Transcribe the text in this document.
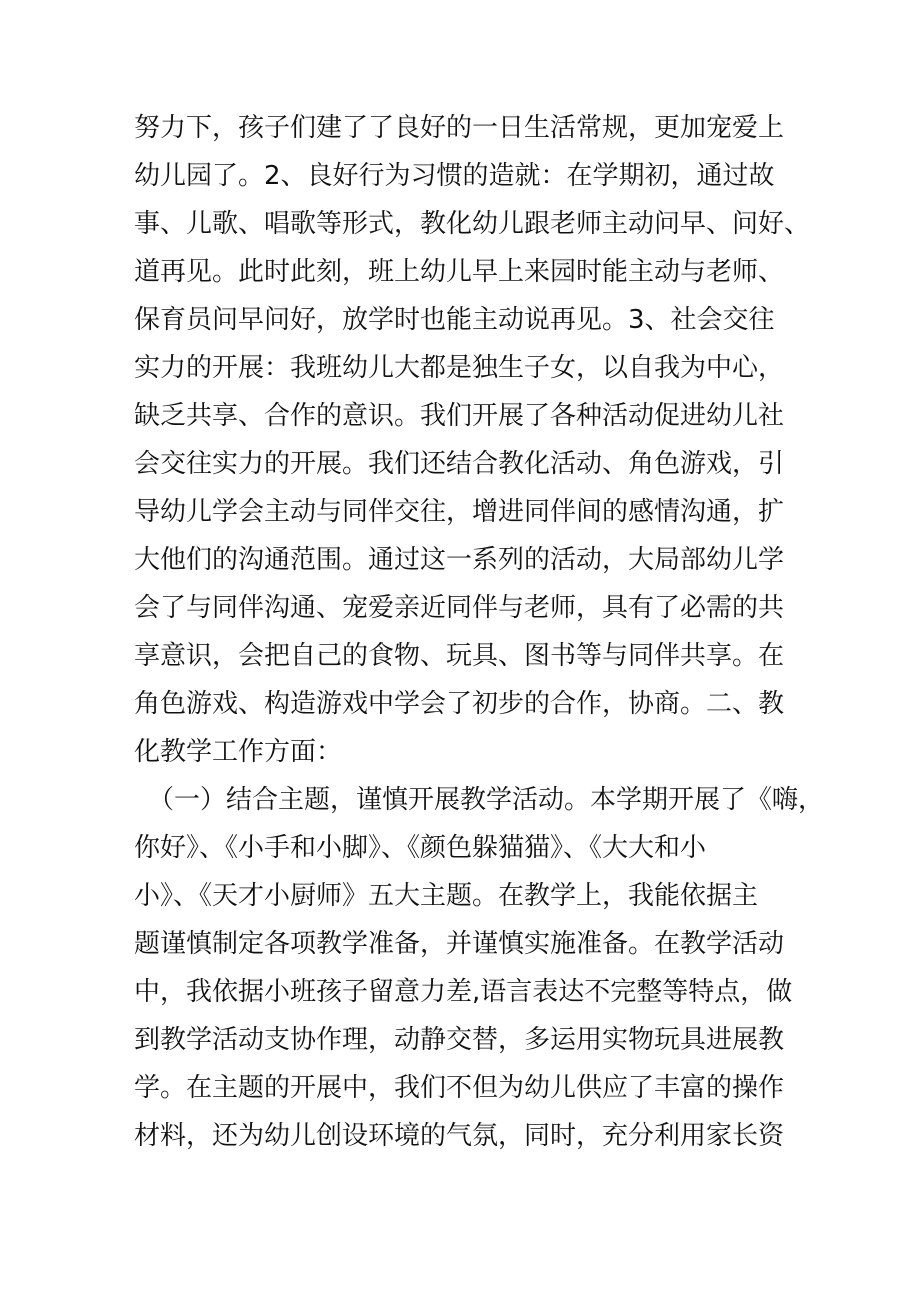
努力下，孩子们建了了良好的一日生活常规，更加宠爱上
幼儿园了。2、良好行为习惯的造就：在学期初，通过故
事、儿歌、唱歌等形式，教化幼儿跟老师主动问早、问好、
道再见。此时此刻，班上幼儿早上来园时能主动与老师、
保育员问早问好，放学时也能主动说再见。3、社会交往
实力的开展：我班幼儿大都是独生子女，以自我为中心，
缺乏共享、合作的意识。我们开展了各种活动促进幼儿社
会交往实力的开展。我们还结合教化活动、角色游戏，引
导幼儿学会主动与同伴交往，增进同伴间的感情沟通，扩
大他们的沟通范围。通过这一系列的活动，大局部幼儿学
会了与同伴沟通、宠爱亲近同伴与老师，具有了必需的共
享意识，会把自己的食物、玩具、图书等与同伴共享。在
角色游戏、构造游戏中学会了初步的合作，协商。二、教
化教学工作方面：
（一）结合主题，谨慎开展教学活动。本学期开展了《嗨，
你好》、《小手和小脚》、《颜色躲猫猫》、《大大和小
小》、《天才小厨师》五大主题。在教学上，我能依据主
题谨慎制定各项教学准备，并谨慎实施准备。在教学活动
中，我依据小班孩子留意力差,语言表达不完整等特点，做
到教学活动支协作理，动静交替，多运用实物玩具进展教
学。在主题的开展中，我们不但为幼儿供应了丰富的操作
材料，还为幼儿创设环境的气氛，同时，充分利用家长资
